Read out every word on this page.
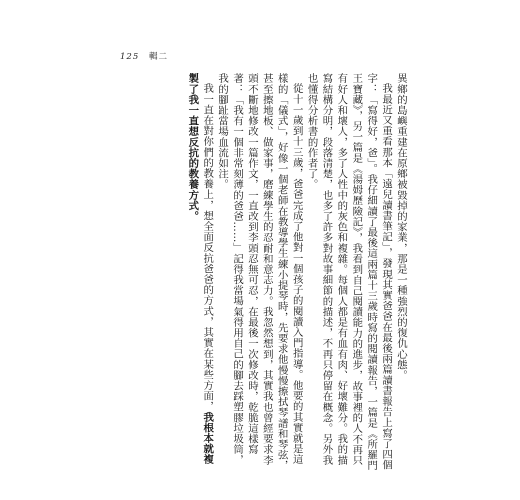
125 輯二

異鄉的島嶼重建在原鄉被毀掉的家業，那是一種強烈的復仇心態。

我最近又重看那本「遠兒讀書筆記」，發現其實爸爸在最後兩篇讀書報告上寫了四個字：「寫得好，爸」。我仔細讀了最後這兩篇十三歲時寫的閱讀報告，一篇是《所羅門王寶藏》，另一篇是《湯姆歷險記》，我看到自己閱讀能力的進步，故事裡的人不再只有好人和壞人，多了人性中的灰色和複雜。每個人都是有血有肉、好壞難分。我的描寫結構分明，段落清楚，也多了許多對故事細節的描述，不再只停留在概念。另外我也懂得分析書的作者了。

從十一歲到十三歲，爸爸完成了他對一個孩子的閱讀入門指導。他要的其實就是這樣的「儀式」，好像一個老師在教導學生練小提琴時，先要求他慢慢擦拭琴譜和琴弦，甚至擦地板、做家事，磨練學生的忍耐和意志力。我忽然想到，其實我也曾經要求李頭不斷地修改一篇作文，一直改到李頭忍無可忍，在最後一次修改時，乾脆這樣寫著：「我有一個非常刻薄的爸爸……」記得我當場氣得用自己的腳去踩塑膠垃圾筒，我的腳趾當場血流如注。

我一直在對你們的教養上，想全面反抗爸爸的方式，其實在某些方面，我根本就複製了我一直想反抗的教養方式。
